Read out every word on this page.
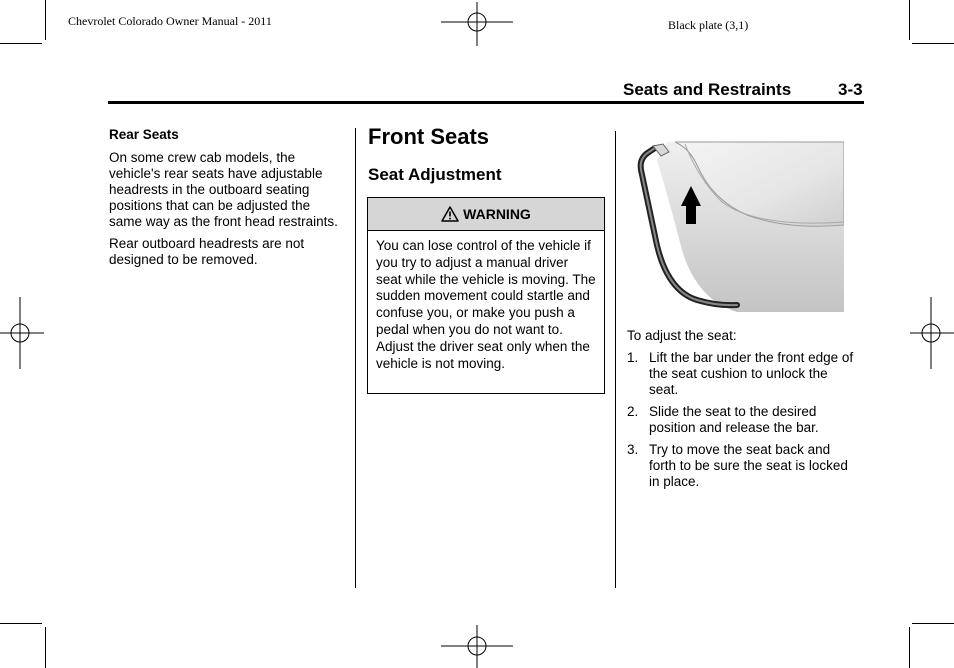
Chevrolet Colorado Owner Manual - 2011	Black plate (3,1)
Seats and Restraints	3-3
Rear Seats

On some crew cab models, the vehicle's rear seats have adjustable headrests in the outboard seating positions that can be adjusted the same way as the front head restraints.

Rear outboard headrests are not designed to be removed.

Front Seats
Seat Adjustment
WARNING
You can lose control of the vehicle if you try to adjust a manual driver seat while the vehicle is moving. The sudden movement could startle and confuse you, or make you push a pedal when you do not want to. Adjust the driver seat only when the vehicle is not moving.

To adjust the seat:

1. Lift the bar under the front edge of the seat cushion to unlock the seat.
2. Slide the seat to the desired position and release the bar.
3. Try to move the seat back and forth to be sure the seat is locked in place.
